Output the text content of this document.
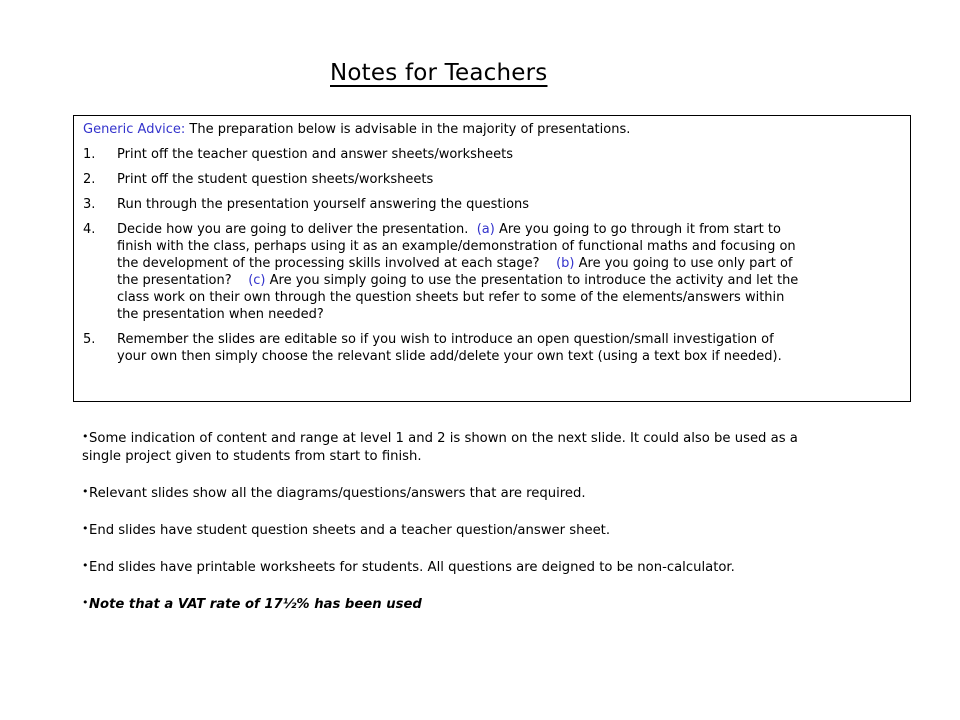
Notes for Teachers
Generic Advice: The preparation below is advisable in the majority of presentations.
1. Print off the teacher question and answer sheets/worksheets
2. Print off the student question sheets/worksheets
3. Run through the presentation yourself answering the questions
4. Decide how you are going to deliver the presentation. (a) Are you going to go through it from start to
finish with the class, perhaps using it as an example/demonstration of functional maths and focusing on
the development of the processing skills involved at each stage? (b) Are you going to use only part of
the presentation? (c) Are you simply going to use the presentation to introduce the activity and let the
class work on their own through the question sheets but refer to some of the elements/answers within
the presentation when needed?
5. Remember the slides are editable so if you wish to introduce an open question/small investigation of
your own then simply choose the relevant slide add/delete your own text (using a text box if needed).
•Some indication of content and range at level 1 and 2 is shown on the next slide. It could also be used as a
single project given to students from start to finish.
•Relevant slides show all the diagrams/questions/answers that are required.
•End slides have student question sheets and a teacher question/answer sheet.
•End slides have printable worksheets for students. All questions are deigned to be non-calculator.
•Note that a VAT rate of 17½% has been used
